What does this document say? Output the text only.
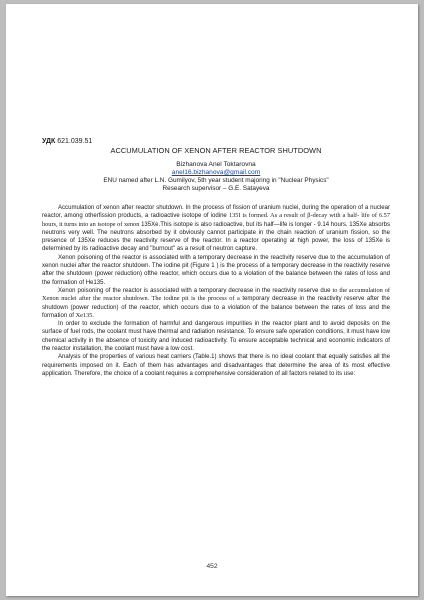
УДК 621.039.51

ACCUMULATION OF XENON AFTER REACTOR SHUTDOWN

Bizhanova Anel Toktarovna

anel16.bizhanova@gmail.com

ENU named after L.N. Gumilyov, 5th year student majoring in "Nuclear Physics"

Research supervisor – G.E. Satayeva

Accumulation of xenon after reactor shutdown. In the process of fission of uranium nuclei, during the operation of a nuclear reactor, among otherfission products, a radioactive isotope of iodine 135I is formed. As a result of β-decay with a half- life of 6.57 hours, it turns into an isotope of xenon 135Xe.This isotope is also radioactive, but its half—life is longer - 9.14 hours. 135Xe absorbs neutrons very well. The neutrons absorbed by it obviously cannot participate in the chain reaction of uranium fission, so the presence of 135Xe reduces the reactivity reserve of the reactor. In a reactor operating at high power, the loss of 135Xe is determined by its radioactive decay and "burnout" as a result of neutron capture.

Xenon poisoning of the reactor is associated with a temporary decrease in the reactivity reserve due to the accumulation of xenon nuclei after the reactor shutdown. The iodine pit (Figure 1 ) is the process of a temporary decrease in the reactivity reserve after the shutdown (power reduction) ofthe reactor, which occurs due to a violation of the balance between the rates of loss and the formation of He135.

Xenon poisoning of the reactor is associated with a temporary decrease in the reactivity reserve due to the accumulation of Xenon nuclei after the reactor shutdown. The iodine pit is the process of a temporary decrease in the reactivity reserve after the shutdown (power reduction) of the reactor, which occurs due to a violation of the balance between the rates of loss and the formation of Xe135.

In order to exclude the formation of harmful and dangerous impurities in the reactor plant and to avoid deposits on the surface of fuel rods, the coolant must have thermal and radiation resistance. To ensure safe operation conditions, it must have low chemical activity in the absence of toxicity and induced radioactivity. To ensure acceptable technical and economic indicators of the reactor installation, the coolant must have a low cost.

Analysis of the properties of various heat carriers (Table.1) shows that there is no ideal coolant that equally satisfies all the requirements imposed on it. Each of them has advantages and disadvantages that determine the area of its most effective application. Therefore, the choice of a coolant requires a comprehensive consideration of all factors related to its use:

452
